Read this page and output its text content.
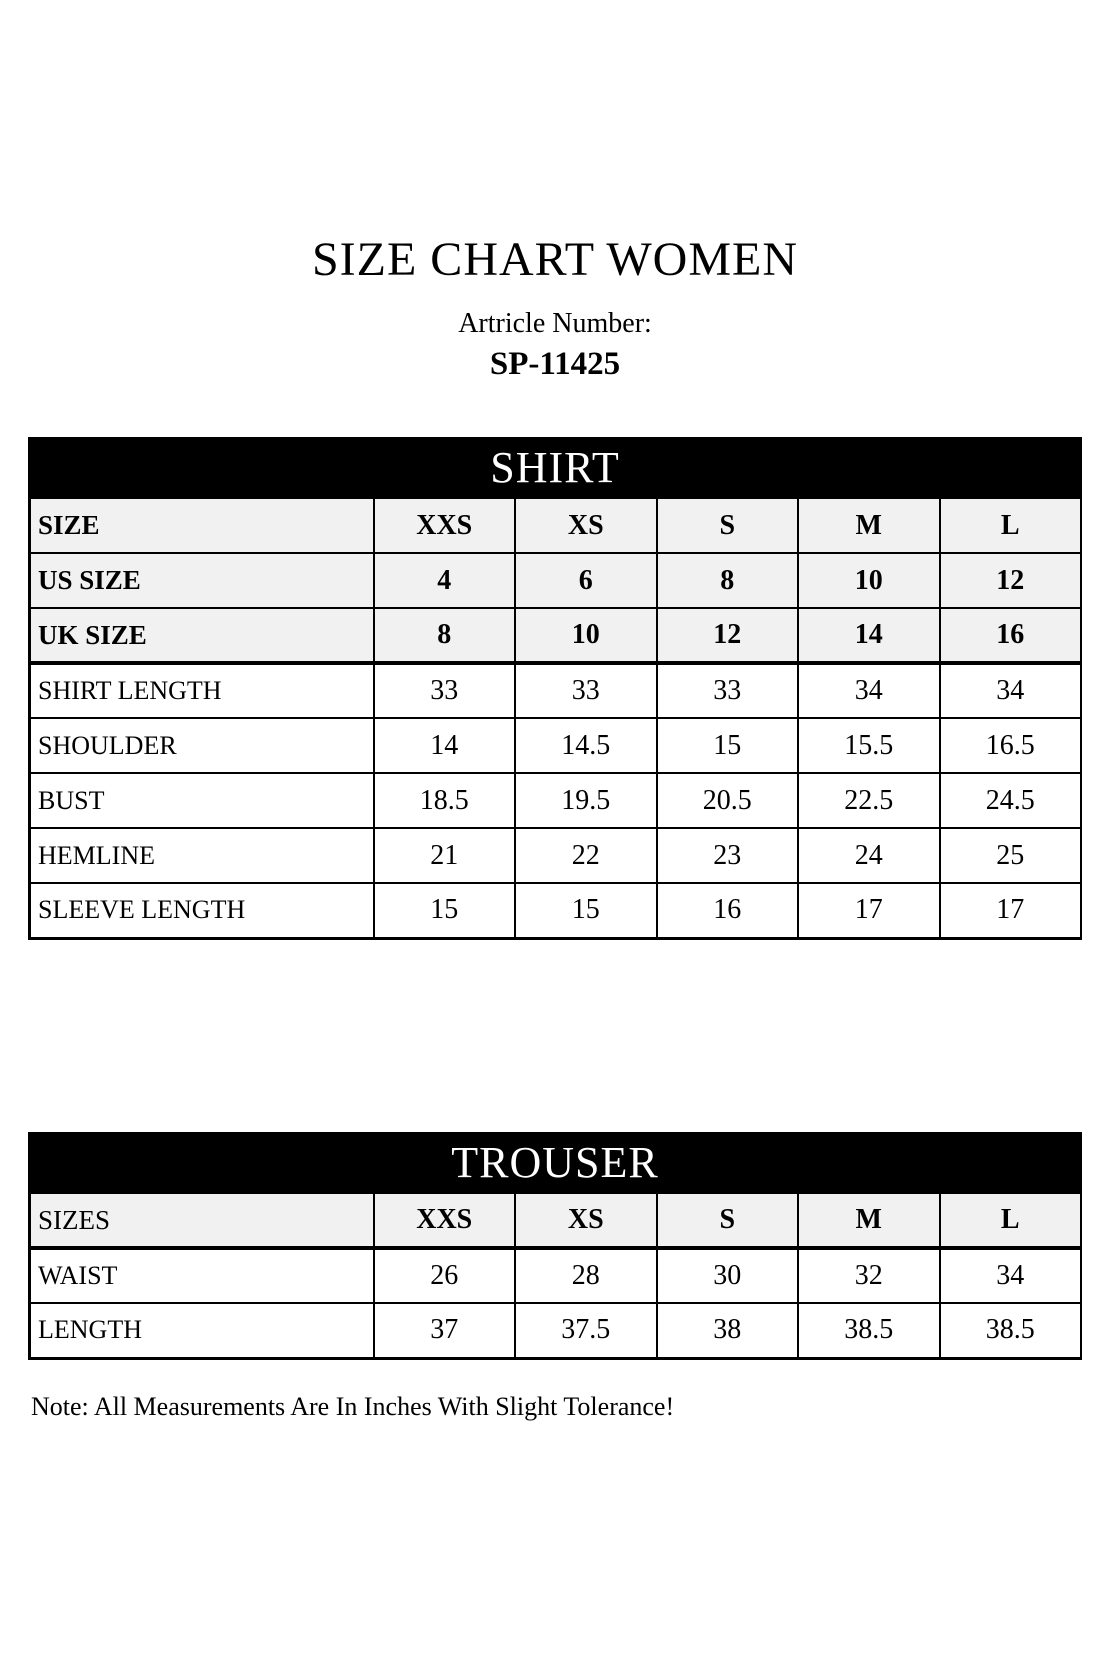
SIZE CHART WOMEN
Artricle Number:
SP-11425
SHIRT
SIZE	XXS	XS	S	M	L
US SIZE	4	6	8	10	12
UK SIZE	8	10	12	14	16
SHIRT LENGTH	33	33	33	34	34
SHOULDER	14	14.5	15	15.5	16.5
BUST	18.5	19.5	20.5	22.5	24.5
HEMLINE	21	22	23	24	25
SLEEVE LENGTH	15	15	16	17	17
TROUSER
SIZES	XXS	XS	S	M	L
WAIST	26	28	30	32	34
LENGTH	37	37.5	38	38.5	38.5
Note: All Measurements Are In Inches With Slight Tolerance!
